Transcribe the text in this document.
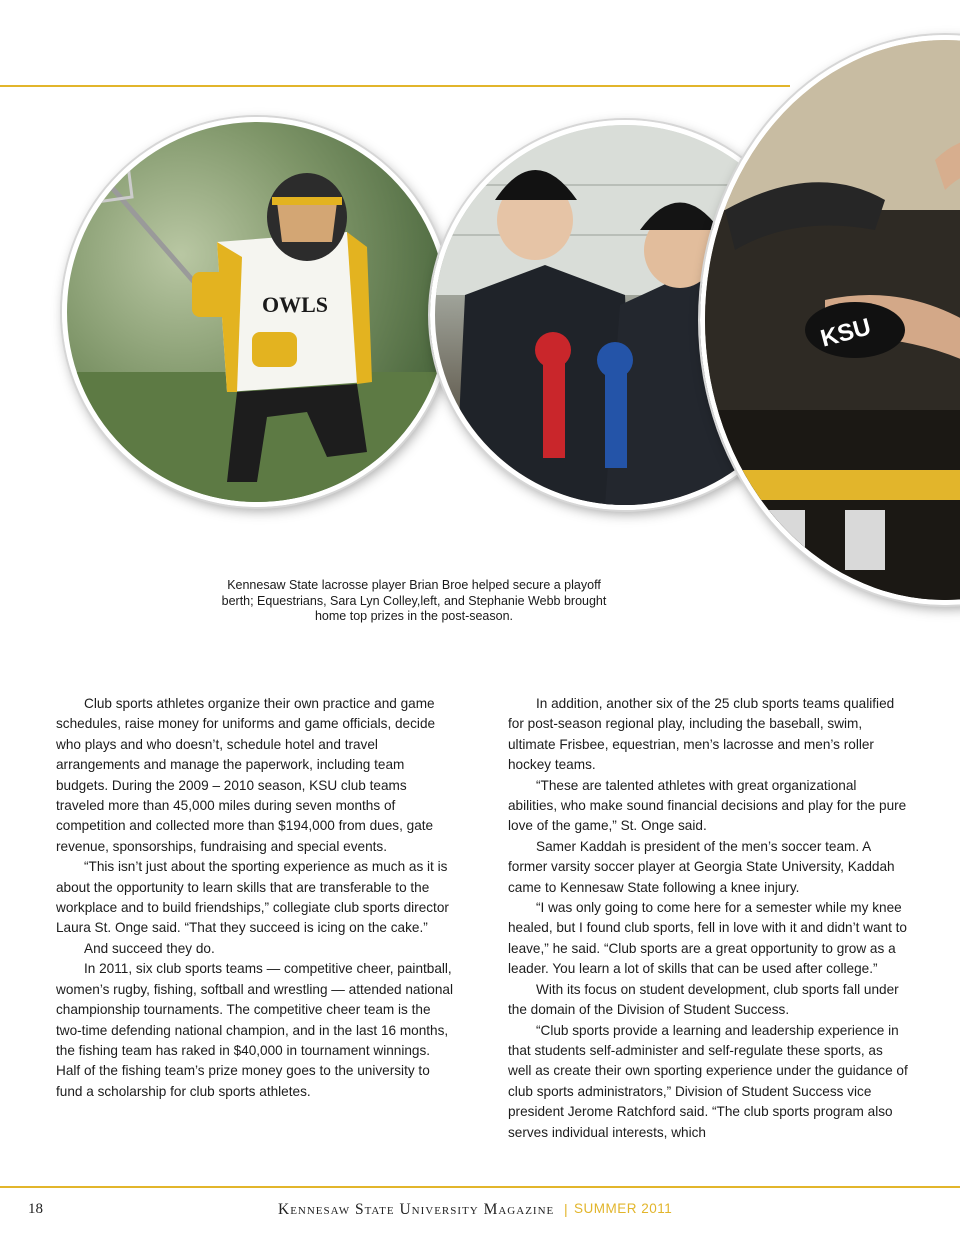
OWLS
KSU
Kennesaw State lacrosse player Brian Broe helped secure a playoff berth; Equestrians, Sara Lyn Colley,left, and Stephanie Webb brought home top prizes in the post-season.

Club sports athletes organize their own practice and game schedules, raise money for uniforms and game officials, decide who plays and who doesn’t, schedule hotel and travel arrangements and manage the paperwork, including team budgets. During the 2009 – 2010 season, KSU club teams traveled more than 45,000 miles during seven months of competition and collected more than $194,000 from dues, gate revenue, sponsorships, fundraising and special events.

“This isn’t just about the sporting experience as much as it is about the opportunity to learn skills that are transferable to the workplace and to build friendships,” collegiate club sports director Laura St. Onge said. “That they succeed is icing on the cake.”

And succeed they do.

In 2011, six club sports teams — competitive cheer, paintball, women’s rugby, fishing, softball and wrestling — attended national championship tournaments. The competitive cheer team is the two-time defending national champion, and in the last 16 months, the fishing team has raked in $40,000 in tournament winnings. Half of the fishing team’s prize money goes to the university to fund a scholarship for club sports athletes.

In addition, another six of the 25 club sports teams qualified for post-season regional play, including the baseball, swim, ultimate Frisbee, equestrian, men’s lacrosse and men’s roller hockey teams.

“These are talented athletes with great organizational abilities, who make sound financial decisions and play for the pure love of the game,” St. Onge said.

Samer Kaddah is president of the men’s soccer team. A former varsity soccer player at Georgia State University, Kaddah came to Kennesaw State following a knee injury.

“I was only going to come here for a semester while my knee healed, but I found club sports, fell in love with it and didn’t want to leave,” he said. “Club sports are a great opportunity to grow as a leader. You learn a lot of skills that can be used after college.”

With its focus on student development, club sports fall under the domain of the Division of Student Success.

“Club sports provide a learning and leadership experience in that students self-administer and self-regulate these sports, as well as create their own sporting experience under the guidance of club sports administrators,” Division of Student Success vice president Jerome Ratchford said. “The club sports program also serves individual interests, which

18	Kennesaw State University Magazine | SUMMER 2011
